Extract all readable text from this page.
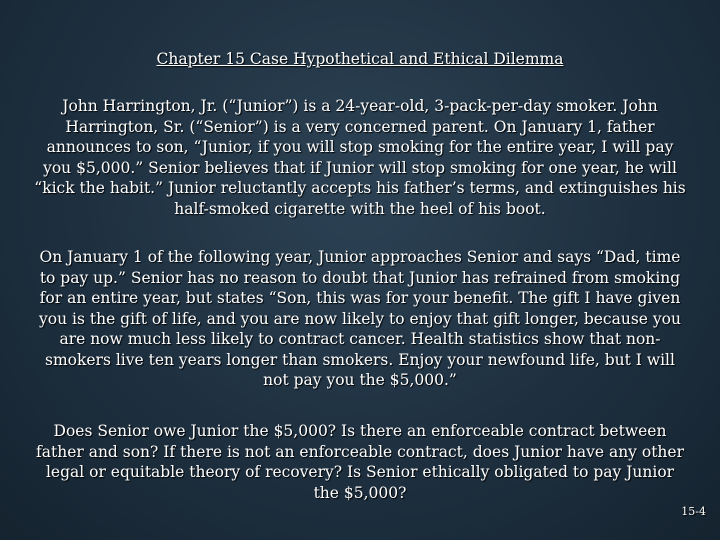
Chapter 15 Case Hypothetical and Ethical Dilemma

John Harrington, Jr. (“Junior”) is a 24-year-old, 3-pack-per-day smoker. John Harrington, Sr. (“Senior”) is a very concerned parent. On January 1, father announces to son, “Junior, if you will stop smoking for the entire year, I will pay you $5,000.” Senior believes that if Junior will stop smoking for one year, he will “kick the habit.” Junior reluctantly accepts his father’s terms, and extinguishes his half-smoked cigarette with the heel of his boot.

On January 1 of the following year, Junior approaches Senior and says “Dad, time to pay up.” Senior has no reason to doubt that Junior has refrained from smoking for an entire year, but states “Son, this was for your benefit. The gift I have given you is the gift of life, and you are now likely to enjoy that gift longer, because you are now much less likely to contract cancer. Health statistics show that non-smokers live ten years longer than smokers. Enjoy your newfound life, but I will not pay you the $5,000.”

Does Senior owe Junior the $5,000? Is there an enforceable contract between father and son? If there is not an enforceable contract, does Junior have any other legal or equitable theory of recovery? Is Senior ethically obligated to pay Junior the $5,000?

15-4
